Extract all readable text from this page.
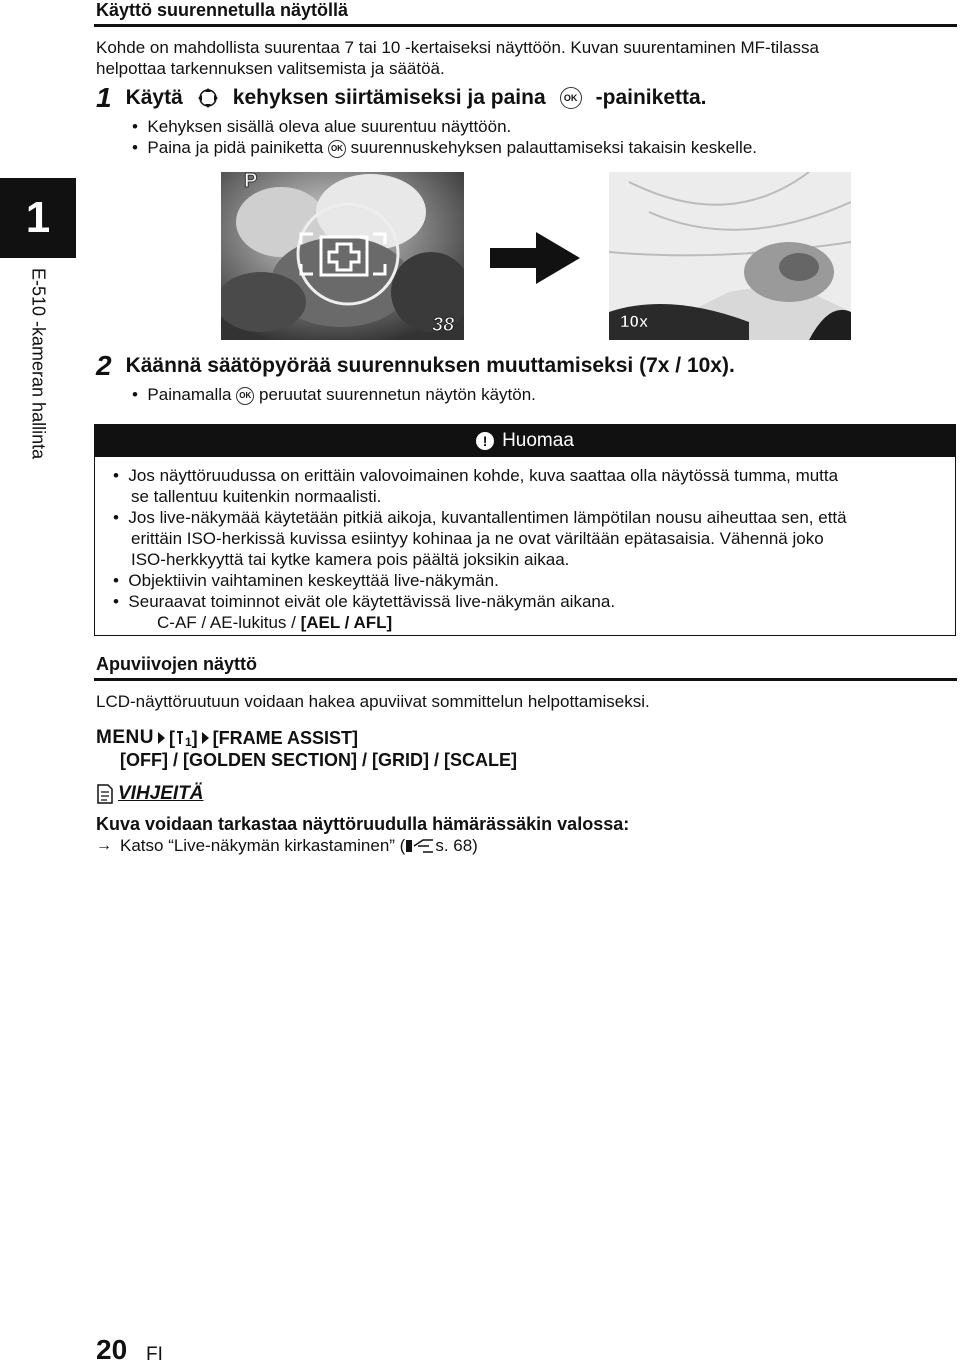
Käyttö suurennetulla näytöllä
Kohde on mahdollista suurentaa 7 tai 10 -kertaiseksi näyttöön. Kuvan suurentaminen MF-tilassa
helpottaa tarkennuksen valitsemista ja säätöä.
1 Käytä kehyksen siirtämiseksi ja paina	OK -painiketta.
•  Kehyksen sisällä oleva alue suurentuu näyttöön.
•  Paina ja pidä painiketta OK suurennuskehyksen palauttamiseksi takaisin keskelle.
1
E-510 -kameran hallinta
P
38	10x
2 Käännä säätöpyörää suurennuksen muuttamiseksi (7x / 10x).
•  Painamalla OK peruutat suurennetun näytön käytön.
! Huomaa
•  Jos näyttöruudussa on erittäin valovoimainen kohde, kuva saattaa olla näytössä tumma, mutta
se tallentuu kuitenkin normaalisti.
•  Jos live-näkymää käytetään pitkiä aikoja, kuvantallentimen lämpötilan nousu aiheuttaa sen, että
erittäin ISO-herkissä kuvissa esiintyy kohinaa ja ne ovat väriltään epätasaisia. Vähennä joko
ISO-herkkyyttä tai kytke kamera pois päältä joksikin aikaa.
•  Objektiivin vaihtaminen keskeyttää live-näkymän.
•  Seuraavat toiminnot eivät ole käytettävissä live-näkymän aikana.
C-AF / AE-lukitus / [AEL / AFL]
Apuviivojen näyttö
LCD-näyttöruutuun voidaan hakea apuviivat sommittelun helpottamiseksi.
MENU [ 1 ] [FRAME ASSIST]
[OFF] / [GOLDEN SECTION] / [GRID] / [SCALE]
VIHJEITÄ
Kuva voidaan tarkastaa näyttöruudulla hämärässäkin valossa:
→ Katso “Live-näkymän kirkastaminen” ( s. 68)
20 FI
